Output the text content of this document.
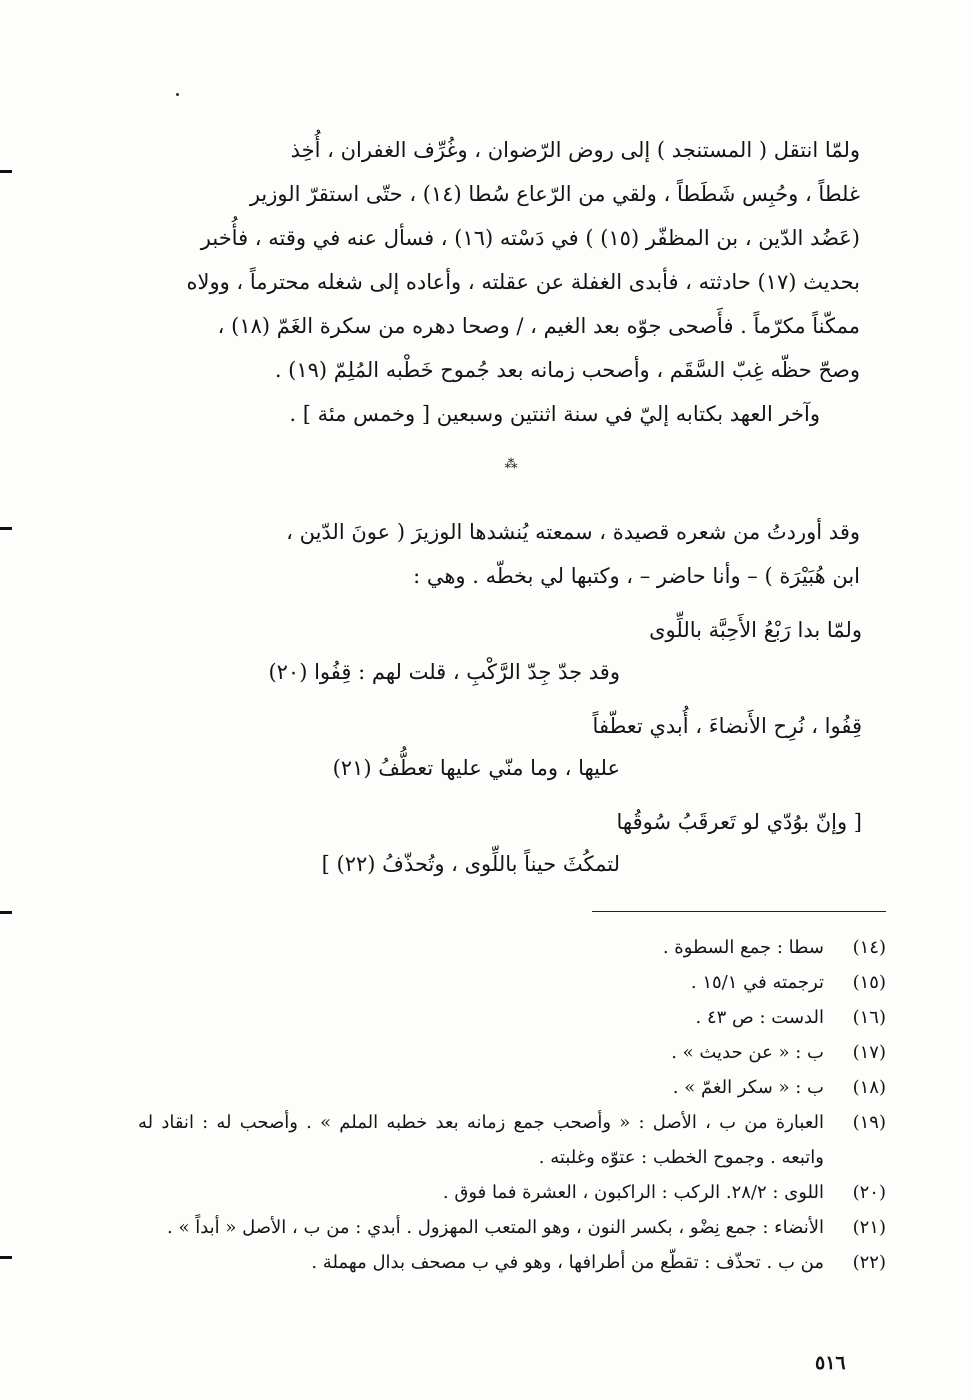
ولمّا انتقل ( المستنجد ) إلى روض الرّضوان ، وغُرِّف الغفران ، أُخِذ

غلطاً ، وحُبِس شَطَطاً ، ولقي من الرّعاع سُطا (١٤) ، حتّى استقرّ الوزير

(عَضُد الدّين ، بن المظفّر (١٥) ) في دَسْته (١٦) ، فسأل عنه في وقته ، فأُخبر

بحديث (١٧) حادثته ، فأبدى الغفلة عن عقلته ، وأعاده إلى شغله محترماً ، وولاه

ممكّناً مكرّماً . فأَصحى جوّه بعد الغيم ، / وصحا دهره من سكرة الغَمّ (١٨) ،

وصحّ حظّه غِبّ السَّقَم ، وأصحب زمانه بعد جُموح خَطْبه المُلِمّ (١٩) .

وآخر العهد بكتابه إليّ في سنة اثنتين وسبعين [ وخمس مئة ] .

⁂

وقد أوردتُ من شعره قصيدة ، سمعته يُنشدها الوزيرَ ( عونَ الدّين ،

ابن هُبَيْرَة ) – وأنا حاضر – ، وكتبها لي بخطّه . وهي :

ولمّا بدا رَبْعُ الأَحِبَّة باللِّوى
وقد جدّ جِدّ الرَّكْبِ ، قلت لهم : قِفُوا (٢٠)
قِفُوا ، نُرِح الأَنضاءَ ، أُبدي تعطّفاً
عليها ، وما منّي عليها تعطُّفُ (٢١)
[ وإنّ بوُدّي لو تَعرقَبُ سُوقُها
لتمكُثَ حيناً باللِّوى ، وتُحذّفُ (٢٢) ]
(١٤)
سطا : جمع السطوة .
(١٥)
ترجمته في ١٥/١ .
(١٦)
الدست : ص ٤٣ .
(١٧)
ب : « عن حديث » .
(١٨)
ب : « سكر الغمّ » .
(١٩)
العبارة من ب ، الأصل : « وأصحب جمع زمانه بعد خطبه الملم » . وأصحب له : انقاد له واتبعه . وجموح الخطب : عتوّه وغلبته .
(٢٠)
اللوى : ٢٨/٢. الركب : الراكبون ، العشرة فما فوق .
(٢١)
الأنضاء : جمع نِضْو ، بكسر النون ، وهو المتعب المهزول . أبدي : من ب ، الأصل « أبداً » .
(٢٢)
من ب . تحذّف : تقطّع من أطرافها ، وهو في ب مصحف بدال مهملة .
٥١٦
